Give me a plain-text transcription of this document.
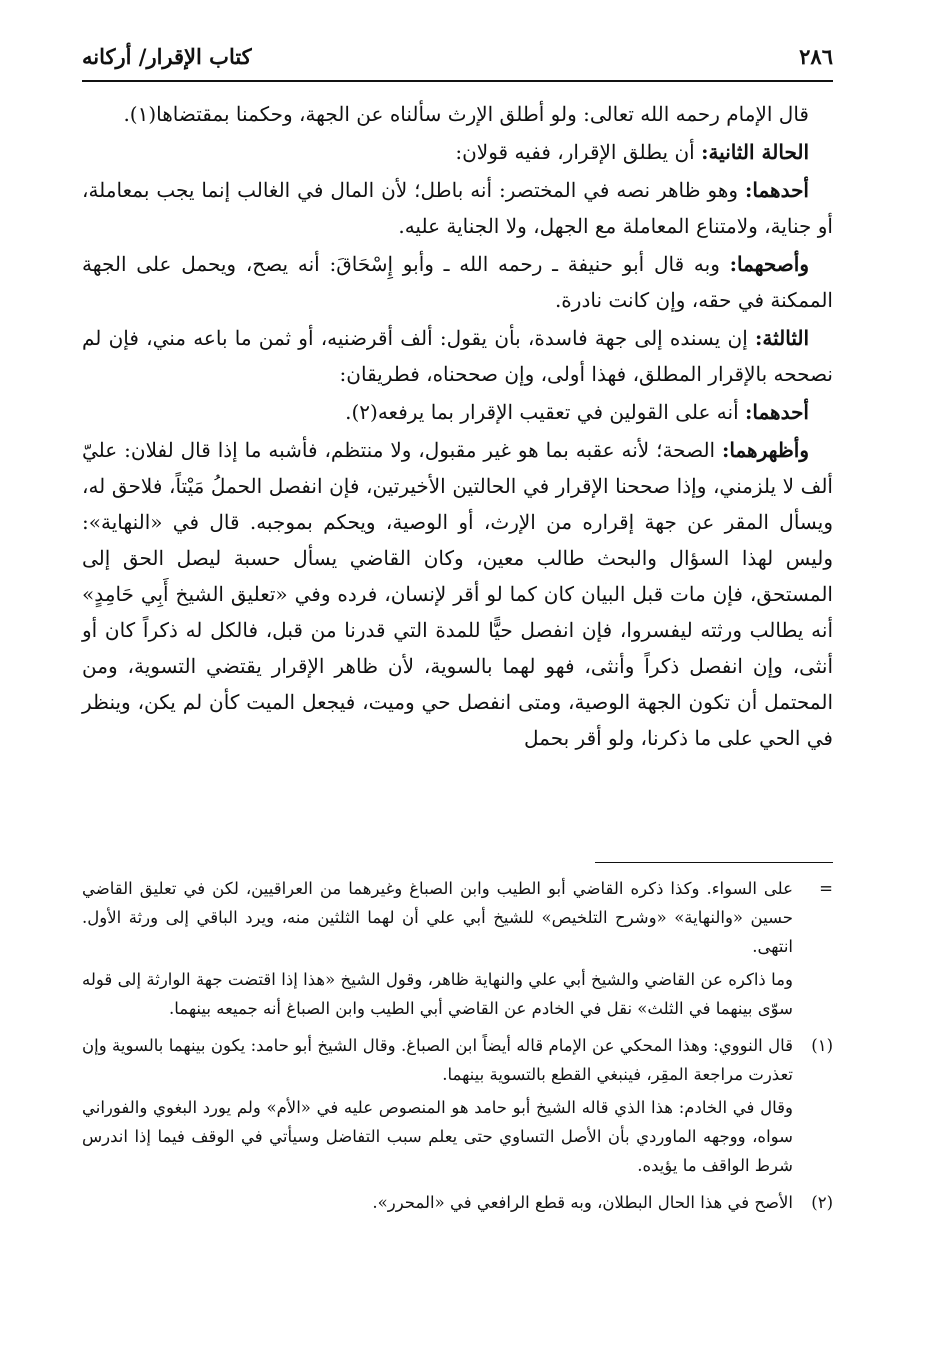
٢٨٦
كتاب الإقرار/ أركانه

قال الإمام رحمه الله تعالى: ولو أطلق الإرث سألناه عن الجهة، وحكمنا بمقتضاها(١).

الحالة الثانية: أن يطلق الإقرار، ففيه قولان:

أحدهما: وهو ظاهر نصه في المختصر: أنه باطل؛ لأن المال في الغالب إنما يجب بمعاملة، أو جناية، ولامتناع المعاملة مع الجهل، ولا الجناية عليه.

وأصحهما: وبه قال أبو حنيفة ـ رحمه الله ـ وأبو إِسْحَاقَ: أنه يصح، ويحمل على الجهة الممكنة في حقه، وإن كانت نادرة.

الثالثة: إن يسنده إلى جهة فاسدة، بأن يقول: ألف أقرضنيه، أو ثمن ما باعه مني، فإن لم نصححه بالإقرار المطلق، فهذا أولى، وإن صححناه، فطريقان:

أحدهما: أنه على القولين في تعقيب الإقرار بما يرفعه(٢).

وأظهرهما: الصحة؛ لأنه عقبه بما هو غير مقبول، ولا منتظم، فأشبه ما إذا قال لفلان: عليّ ألف لا يلزمني، وإذا صححنا الإقرار في الحالتين الأخيرتين، فإن انفصل الحملُ مَيْتاً، فلاحق له، ويسأل المقر عن جهة إقراره من الإرث، أو الوصية، ويحكم بموجبه. قال في «النهاية»: وليس لهذا السؤال والبحث طالب معين، وكان القاضي يسأل حسبة ليصل الحق إلى المستحق، فإن مات قبل البيان كان كما لو أقر لإنسان، فرده وفي «تعليق الشيخ أَبِي حَامِدٍ» أنه يطالب ورثته ليفسروا، فإن انفصل حيًّا للمدة التي قدرنا من قبل، فالكل له ذكراً كان أو أنثى، وإن انفصل ذكراً وأنثى، فهو لهما بالسوية، لأن ظاهر الإقرار يقتضي التسوية، ومن المحتمل أن تكون الجهة الوصية، ومتى انفصل حي وميت، فيجعل الميت كأن لم يكن، وينظر في الحي على ما ذكرنا، ولو أقر بحمل

=

على السواء. وكذا ذكره القاضي أبو الطيب وابن الصباغ وغيرهما من العراقيين، لكن في تعليق القاضي حسين «والنهاية» «وشرح التلخيص» للشيخ أبي علي أن لهما الثلثين منه، ويرد الباقي إلى ورثة الأول. انتهى.

وما ذاكره عن القاضي والشيخ أبي علي والنهاية ظاهر، وقول الشيخ «هذا إذا اقتضت جهة الوارثة إلى قوله سوّى بينهما في الثلث» نقل في الخادم عن القاضي أبي الطيب وابن الصباغ أنه جميعه بينهما.

(١)

قال النووي: وهذا المحكي عن الإمام قاله أيضاً ابن الصباغ. وقال الشيخ أبو حامد: يكون بينهما بالسوية وإن تعذرت مراجعة المقِر، فينبغي القطع بالتسوية بينهما.

وقال في الخادم: هذا الذي قاله الشيخ أبو حامد هو المنصوص عليه في «الأم» ولم يورد البغوي والفوراني سواه، ووجهه الماوردي بأن الأصل التساوي حتى يعلم سبب التفاضل وسيأتي في الوقف فيما إذا اندرس شرط الواقف ما يؤيده.

(٢)

الأصح في هذا الحال البطلان، وبه قطع الرافعي في «المحرر».
